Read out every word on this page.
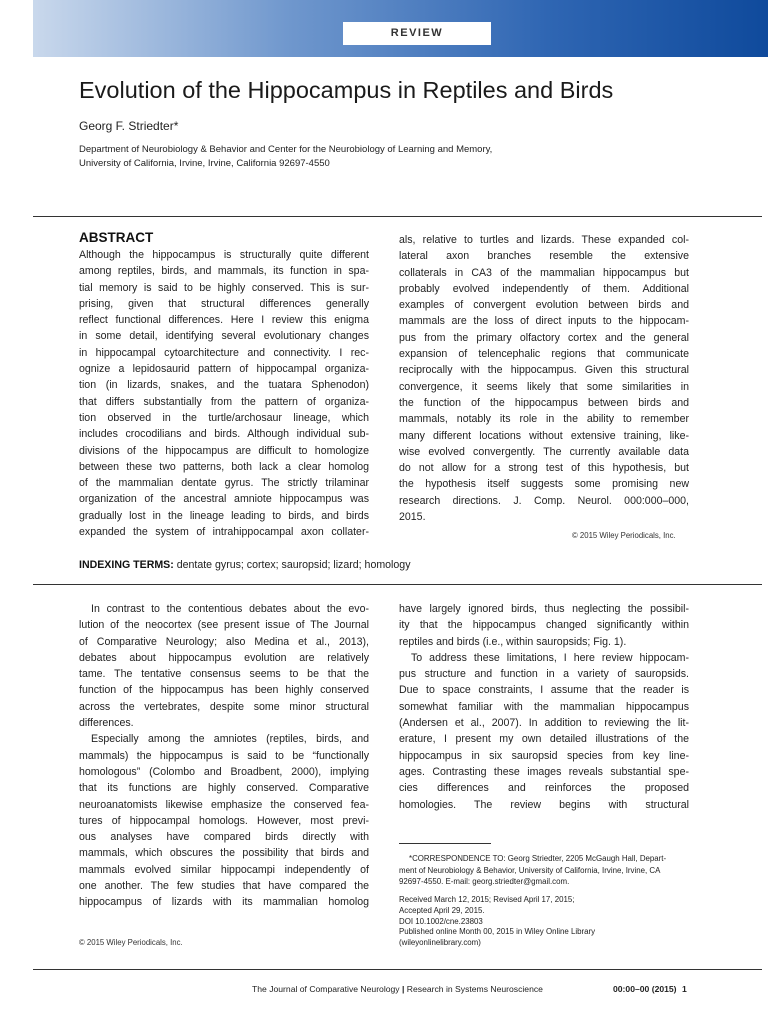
REVIEW
Evolution of the Hippocampus in Reptiles and Birds
Georg F. Striedter*
Department of Neurobiology & Behavior and Center for the Neurobiology of Learning and Memory,
University of California, Irvine, Irvine, California 92697-4550
ABSTRACT
Although the hippocampus is structurally quite different
among reptiles, birds, and mammals, its function in spa-
tial memory is said to be highly conserved. This is sur-
prising, given that structural differences generally
reflect functional differences. Here I review this enigma
in some detail, identifying several evolutionary changes
in hippocampal cytoarchitecture and connectivity. I rec-
ognize a lepidosaurid pattern of hippocampal organiza-
tion (in lizards, snakes, and the tuatara Sphenodon)
that differs substantially from the pattern of organiza-
tion observed in the turtle/archosaur lineage, which
includes crocodilians and birds. Although individual sub-
divisions of the hippocampus are difficult to homologize
between these two patterns, both lack a clear homolog
of the mammalian dentate gyrus. The strictly trilaminar
organization of the ancestral amniote hippocampus was
gradually lost in the lineage leading to birds, and birds
expanded the system of intrahippocampal axon collater-
als, relative to turtles and lizards. These expanded col-
lateral axon branches resemble the extensive
collaterals in CA3 of the mammalian hippocampus but
probably evolved independently of them. Additional
examples of convergent evolution between birds and
mammals are the loss of direct inputs to the hippocam-
pus from the primary olfactory cortex and the general
expansion of telencephalic regions that communicate
reciprocally with the hippocampus. Given this structural
convergence, it seems likely that some similarities in
the function of the hippocampus between birds and
mammals, notably its role in the ability to remember
many different locations without extensive training, like-
wise evolved convergently. The currently available data
do not allow for a strong test of this hypothesis, but
the hypothesis itself suggests some promising new
research directions. J. Comp. Neurol. 000:000–000,
2015.
© 2015 Wiley Periodicals, Inc.
INDEXING TERMS: dentate gyrus; cortex; sauropsid; lizard; homology
In contrast to the contentious debates about the evo-
lution of the neocortex (see present issue of The Journal
of Comparative Neurology; also Medina et al., 2013),
debates about hippocampus evolution are relatively
tame. The tentative consensus seems to be that the
function of the hippocampus has been highly conserved
across the vertebrates, despite some minor structural
differences.
Especially among the amniotes (reptiles, birds, and
mammals) the hippocampus is said to be “functionally
homologous” (Colombo and Broadbent, 2000), implying
that its functions are highly conserved. Comparative
neuroanatomists likewise emphasize the conserved fea-
tures of hippocampal homologs. However, most previ-
ous analyses have compared birds directly with
mammals, which obscures the possibility that birds and
mammals evolved similar hippocampi independently of
one another. The few studies that have compared the
hippocampus of lizards with its mammalian homolog
have largely ignored birds, thus neglecting the possibil-
ity that the hippocampus changed significantly within
reptiles and birds (i.e., within sauropsids; Fig. 1).
To address these limitations, I here review hippocam-
pus structure and function in a variety of sauropsids.
Due to space constraints, I assume that the reader is
somewhat familiar with the mammalian hippocampus
(Andersen et al., 2007). In addition to reviewing the lit-
erature, I present my own detailed illustrations of the
hippocampus in six sauropsid species from key line-
ages. Contrasting these images reveals substantial spe-
cies differences and reinforces the proposed
homologies. The review begins with structural
*CORRESPONDENCE TO: Georg Striedter, 2205 McGaugh Hall, Depart-
ment of Neurobiology & Behavior, University of California, Irvine, Irvine, CA
92697-4550. E-mail: georg.striedter@gmail.com.
Received March 12, 2015; Revised April 17, 2015;
Accepted April 29, 2015.
DOI 10.1002/cne.23803
Published online Month 00, 2015 in Wiley Online Library
(wileyonlinelibrary.com)
© 2015 Wiley Periodicals, Inc.
The Journal of Comparative Neurology | Research in Systems Neuroscience	00:00–00 (2015) 1
